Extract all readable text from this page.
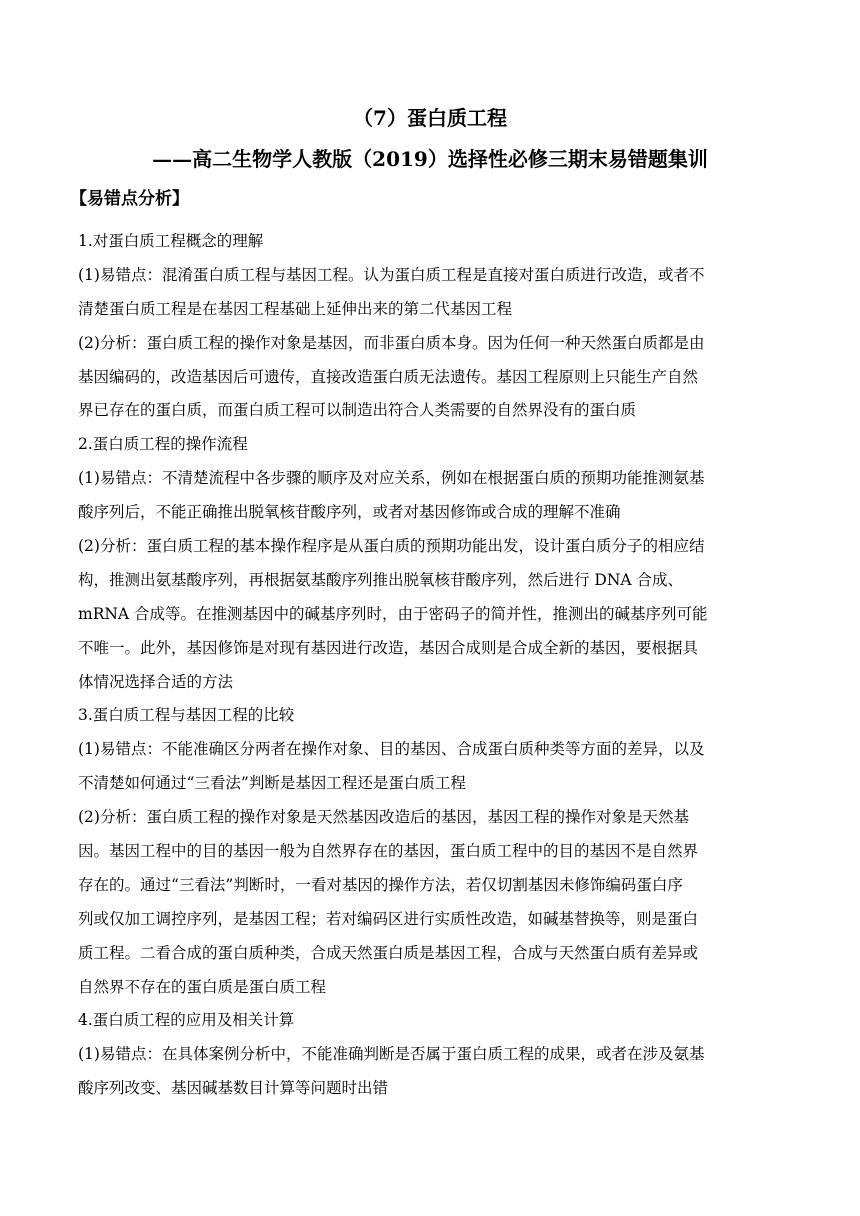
（7）蛋白质工程
——高二生物学人教版（2019）选择性必修三期末易错题集训
【易错点分析】
1.对蛋白质工程概念的理解
(1)易错点：混淆蛋白质工程与基因工程。认为蛋白质工程是直接对蛋白质进行改造，或者不
清楚蛋白质工程是在基因工程基础上延伸出来的第二代基因工程
(2)分析：蛋白质工程的操作对象是基因，而非蛋白质本身。因为任何一种天然蛋白质都是由
基因编码的，改造基因后可遗传，直接改造蛋白质无法遗传。基因工程原则上只能生产自然
界已存在的蛋白质，而蛋白质工程可以制造出符合人类需要的自然界没有的蛋白质
2.蛋白质工程的操作流程
(1)易错点：不清楚流程中各步骤的顺序及对应关系，例如在根据蛋白质的预期功能推测氨基
酸序列后，不能正确推出脱氧核苷酸序列，或者对基因修饰或合成的理解不准确
(2)分析：蛋白质工程的基本操作程序是从蛋白质的预期功能出发，设计蛋白质分子的相应结
构，推测出氨基酸序列，再根据氨基酸序列推出脱氧核苷酸序列，然后进行 DNA 合成、
mRNA 合成等。在推测基因中的碱基序列时，由于密码子的简并性，推测出的碱基序列可能
不唯一。此外，基因修饰是对现有基因进行改造，基因合成则是合成全新的基因，要根据具
体情况选择合适的方法
3.蛋白质工程与基因工程的比较
(1)易错点：不能准确区分两者在操作对象、目的基因、合成蛋白质种类等方面的差异，以及
不清楚如何通过“三看法”判断是基因工程还是蛋白质工程
(2)分析：蛋白质工程的操作对象是天然基因改造后的基因，基因工程的操作对象是天然基
因。基因工程中的目的基因一般为自然界存在的基因，蛋白质工程中的目的基因不是自然界
存在的。通过“三看法”判断时，一看对基因的操作方法，若仅切割基因未修饰编码蛋白序
列或仅加工调控序列，是基因工程；若对编码区进行实质性改造，如碱基替换等，则是蛋白
质工程。二看合成的蛋白质种类，合成天然蛋白质是基因工程，合成与天然蛋白质有差异或
自然界不存在的蛋白质是蛋白质工程
4.蛋白质工程的应用及相关计算
(1)易错点：在具体案例分析中，不能准确判断是否属于蛋白质工程的成果，或者在涉及氨基
酸序列改变、基因碱基数目计算等问题时出错
